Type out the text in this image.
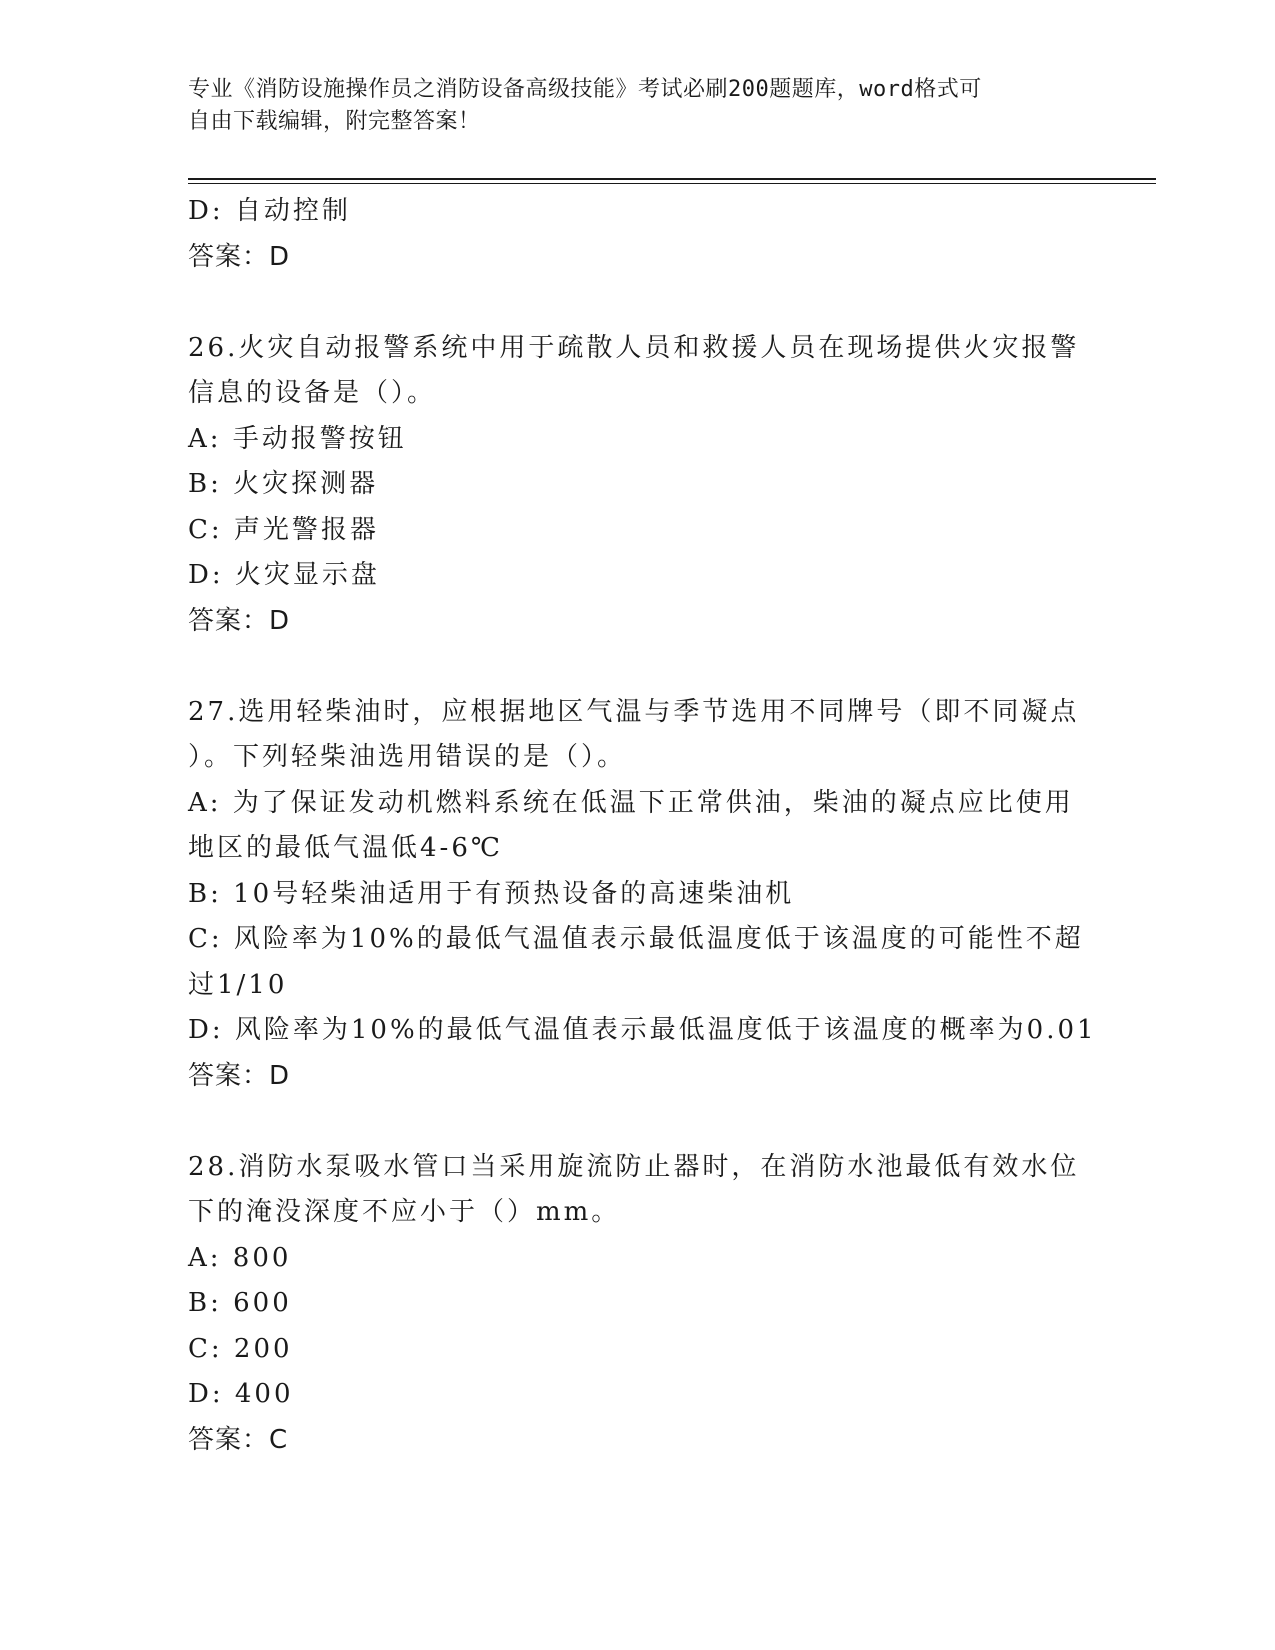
专业《消防设施操作员之消防设备高级技能》考试必刷200题题库，word格式可
自由下载编辑，附完整答案！
D: 自动控制
答案：D
26.火灾自动报警系统中用于疏散人员和救援人员在现场提供火灾报警
信息的设备是（）。
A: 手动报警按钮
B: 火灾探测器
C: 声光警报器
D: 火灾显示盘
答案：D
27.选用轻柴油时，应根据地区气温与季节选用不同牌号（即不同凝点
）。下列轻柴油选用错误的是（）。
A: 为了保证发动机燃料系统在低温下正常供油，柴油的凝点应比使用
地区的最低气温低4-6℃
B: 10号轻柴油适用于有预热设备的高速柴油机
C: 风险率为10%的最低气温值表示最低温度低于该温度的可能性不超
过1/10
D: 风险率为10%的最低气温值表示最低温度低于该温度的概率为0.01
答案：D
28.消防水泵吸水管口当采用旋流防止器时，在消防水池最低有效水位
下的淹没深度不应小于（）mm。
A: 800
B: 600
C: 200
D: 400
答案：C
